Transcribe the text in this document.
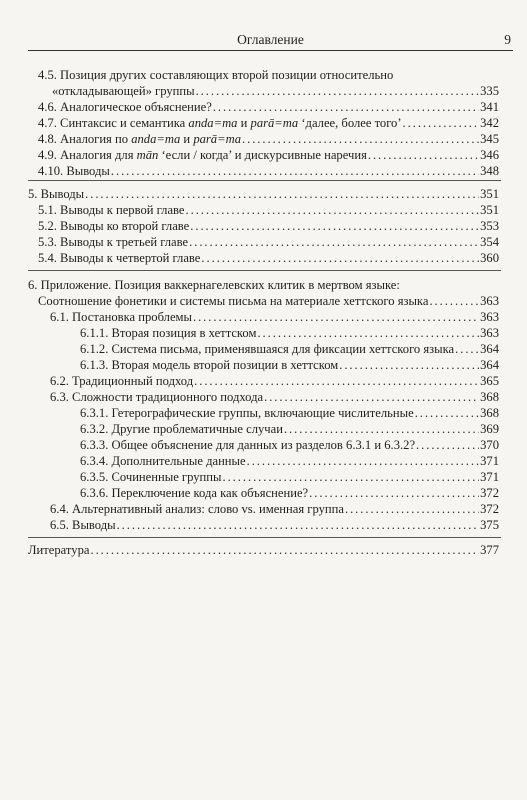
Оглавление	9
4.5. Позиция других составляющих второй позиции относительно
«откладывающей» группы . . .	335
4.6. Аналогическое объяснение? . . .	341
4.7. Синтаксис и семантика anda=ma и parā=ma ‘далее, более того’ . . .	342
4.8. Аналогия по anda=ma и parā=ma . . .	345
4.9. Аналогия для mān ‘если / когда’ и дискурсивные наречия . . .	346
4.10. Выводы . . .	348
5. Выводы . . .	351
5.1. Выводы к первой главе . . .	351
5.2. Выводы ко второй главе . . .	353
5.3. Выводы к третьей главе . . .	354
5.4. Выводы к четвертой главе . . .	360
6. Приложение. Позиция ваккернагелевских клитик в мертвом языке:
Соотношение фонетики и системы письма на материале хеттского языка . . .	363
6.1. Постановка проблемы . . .	363
6.1.1. Вторая позиция в хеттском . . .	363
6.1.2. Система письма, применявшаяся для фиксации хеттского языка . . . 364
6.1.3. Вторая модель второй позиции в хеттском . . .	364
6.2. Традиционный подход . . .	365
6.3. Сложности традиционного подхода . . .	368
6.3.1. Гетерографические группы, включающие числительные . . .	368
6.3.2. Другие проблематичные случаи . . .	369
6.3.3. Общее объяснение для данных из разделов 6.3.1 и 6.3.2? . . .	370
6.3.4. Дополнительные данные . . .	371
6.3.5. Сочиненные группы . . .	371
6.3.6. Переключение кода как объяснение? . . .	372
6.4. Альтернативный анализ: слово vs. именная группа . . .	372
6.5. Выводы . . .	375
Литература . . .	377
